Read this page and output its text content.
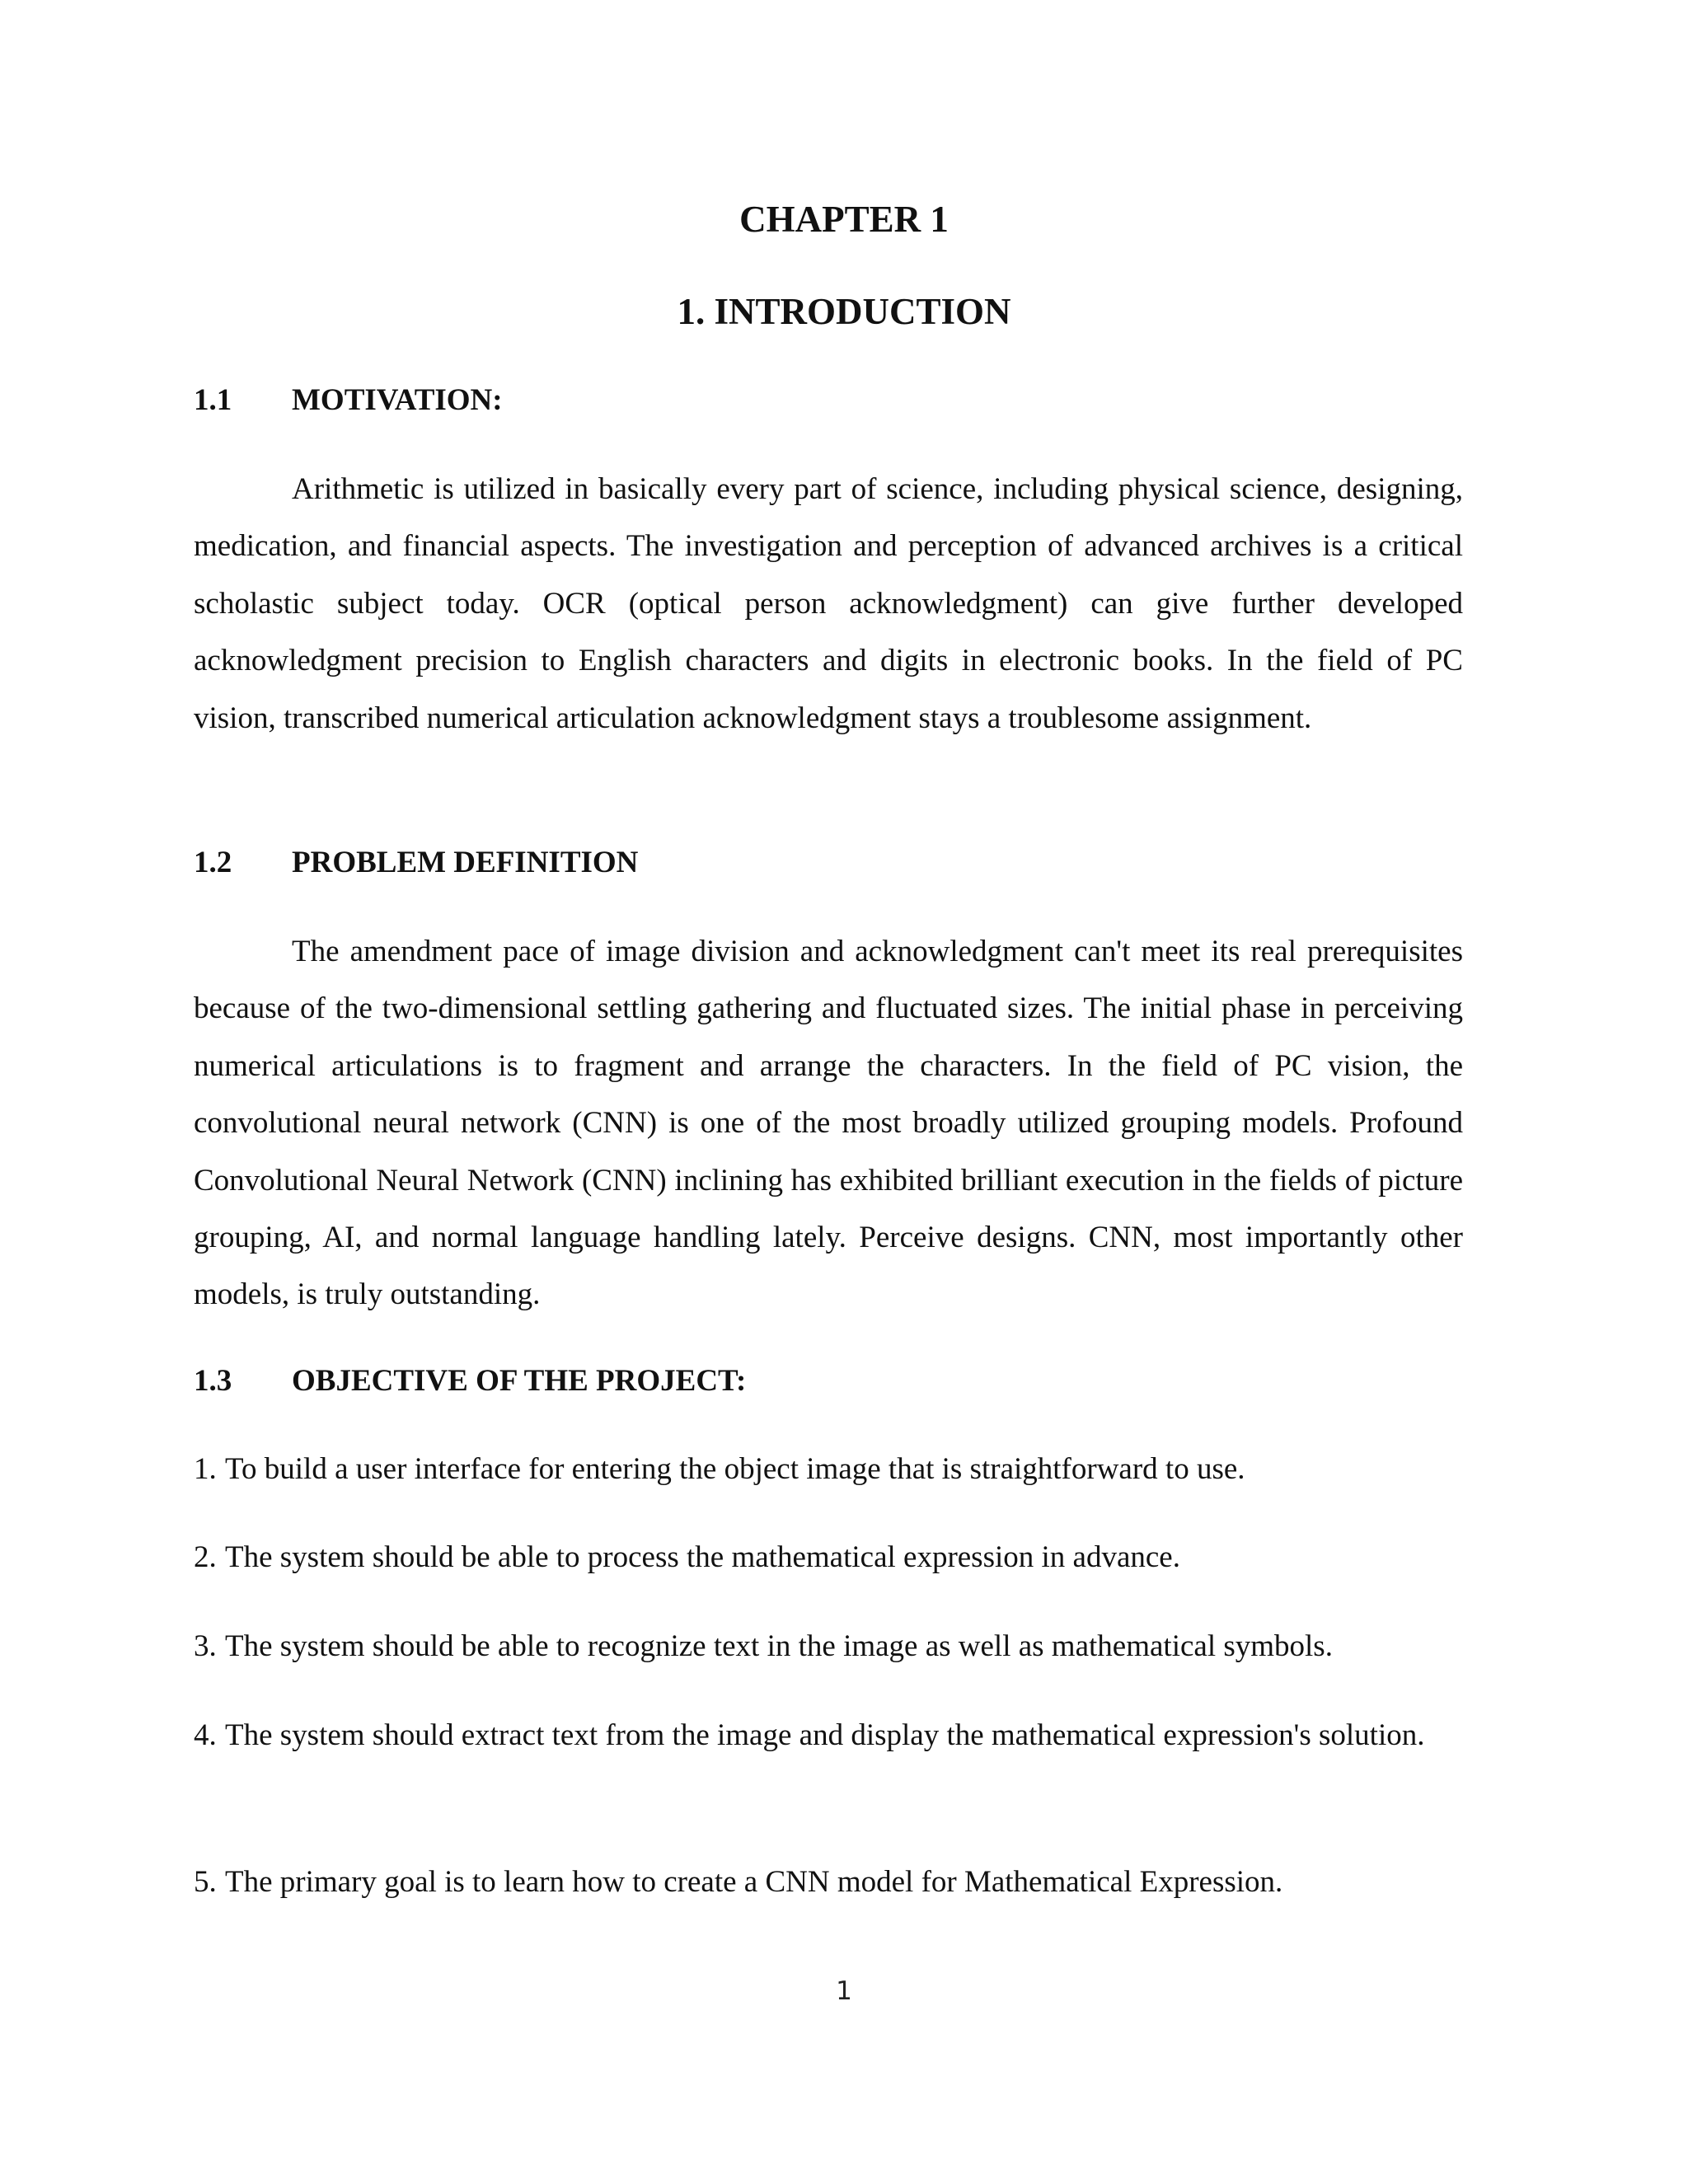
CHAPTER 1
1. INTRODUCTION
1.1 MOTIVATION:

Arithmetic is utilized in basically every part of science, including physical science, designing, medication, and financial aspects. The investigation and perception of advanced archives is a critical scholastic subject today. OCR (optical person acknowledgment) can give further developed acknowledgment precision to English characters and digits in electronic books. In the field of PC vision, transcribed numerical articulation acknowledgment stays a troublesome assignment.

1.2 PROBLEM DEFINITION

The amendment pace of image division and acknowledgment can't meet its real prerequisites because of the two-dimensional settling gathering and fluctuated sizes. The initial phase in perceiving numerical articulations is to fragment and arrange the characters. In the field of PC vision, the convolutional neural network (CNN) is one of the most broadly utilized grouping models. Profound Convolutional Neural Network (CNN) inclining has exhibited brilliant execution in the fields of picture grouping, AI, and normal language handling lately. Perceive designs. CNN, most importantly other models, is truly outstanding.

1.3 OBJECTIVE OF THE PROJECT:

1. To build a user interface for entering the object image that is straightforward to use.

2. The system should be able to process the mathematical expression in advance.

3. The system should be able to recognize text in the image as well as mathematical symbols.

4. The system should extract text from the image and display the mathematical expression's solution.

5. The primary goal is to learn how to create a CNN model for Mathematical Expression.

1
